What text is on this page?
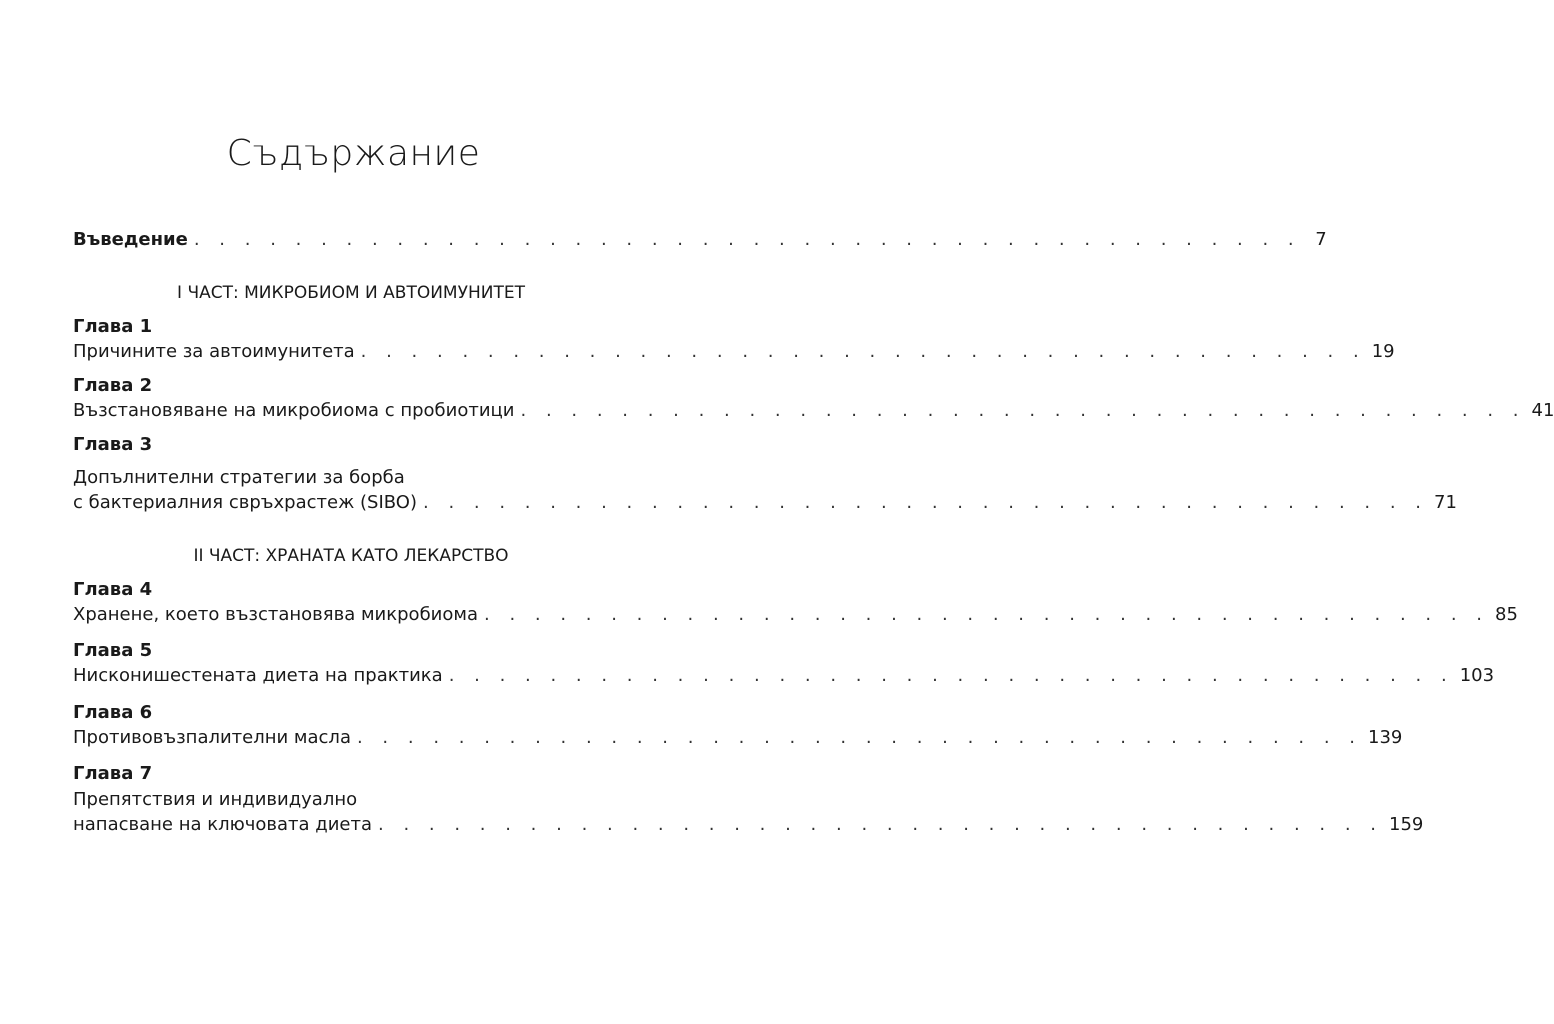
Съдържание
Въведение . . . . . . . . . . . . . . . . . . . . . . . . . . . . . . . . . . . . . . . . . . . . 7
I ЧАСТ: МИКРОБИОМ И АВТОИМУНИТЕТ
Глава 1
Причините за автоимунитета . . . . . . . . . . . . . . . . . . . . . . . . . . . . . . . . . . . . . . . . 19
Глава 2
Възстановяване на микробиома с пробиотици . . . . . . . . . . . . . . . . . . . . . . . . . . . . . . . . . . . . . . . . 41
Глава 3
Допълнителни стратегии за борба
с бактериалния свръхрастеж (SIBO) . . . . . . . . . . . . . . . . . . . . . . . . . . . . . . . . . . . . . . . . 71
II ЧАСТ: ХРАНАТА КАТО ЛЕКАРСТВО
Глава 4
Хранене, което възстановява микробиома . . . . . . . . . . . . . . . . . . . . . . . . . . . . . . . . . . . . . . . . 85
Глава 5
Нисконишестената диета на практика . . . . . . . . . . . . . . . . . . . . . . . . . . . . . . . . . . . . . . . . 103
Глава 6
Противовъзпалителни масла . . . . . . . . . . . . . . . . . . . . . . . . . . . . . . . . . . . . . . . . 139
Глава 7
Препятствия и индивидуално
напасване на ключовата диета . . . . . . . . . . . . . . . . . . . . . . . . . . . . . . . . . . . . . . . . 159
